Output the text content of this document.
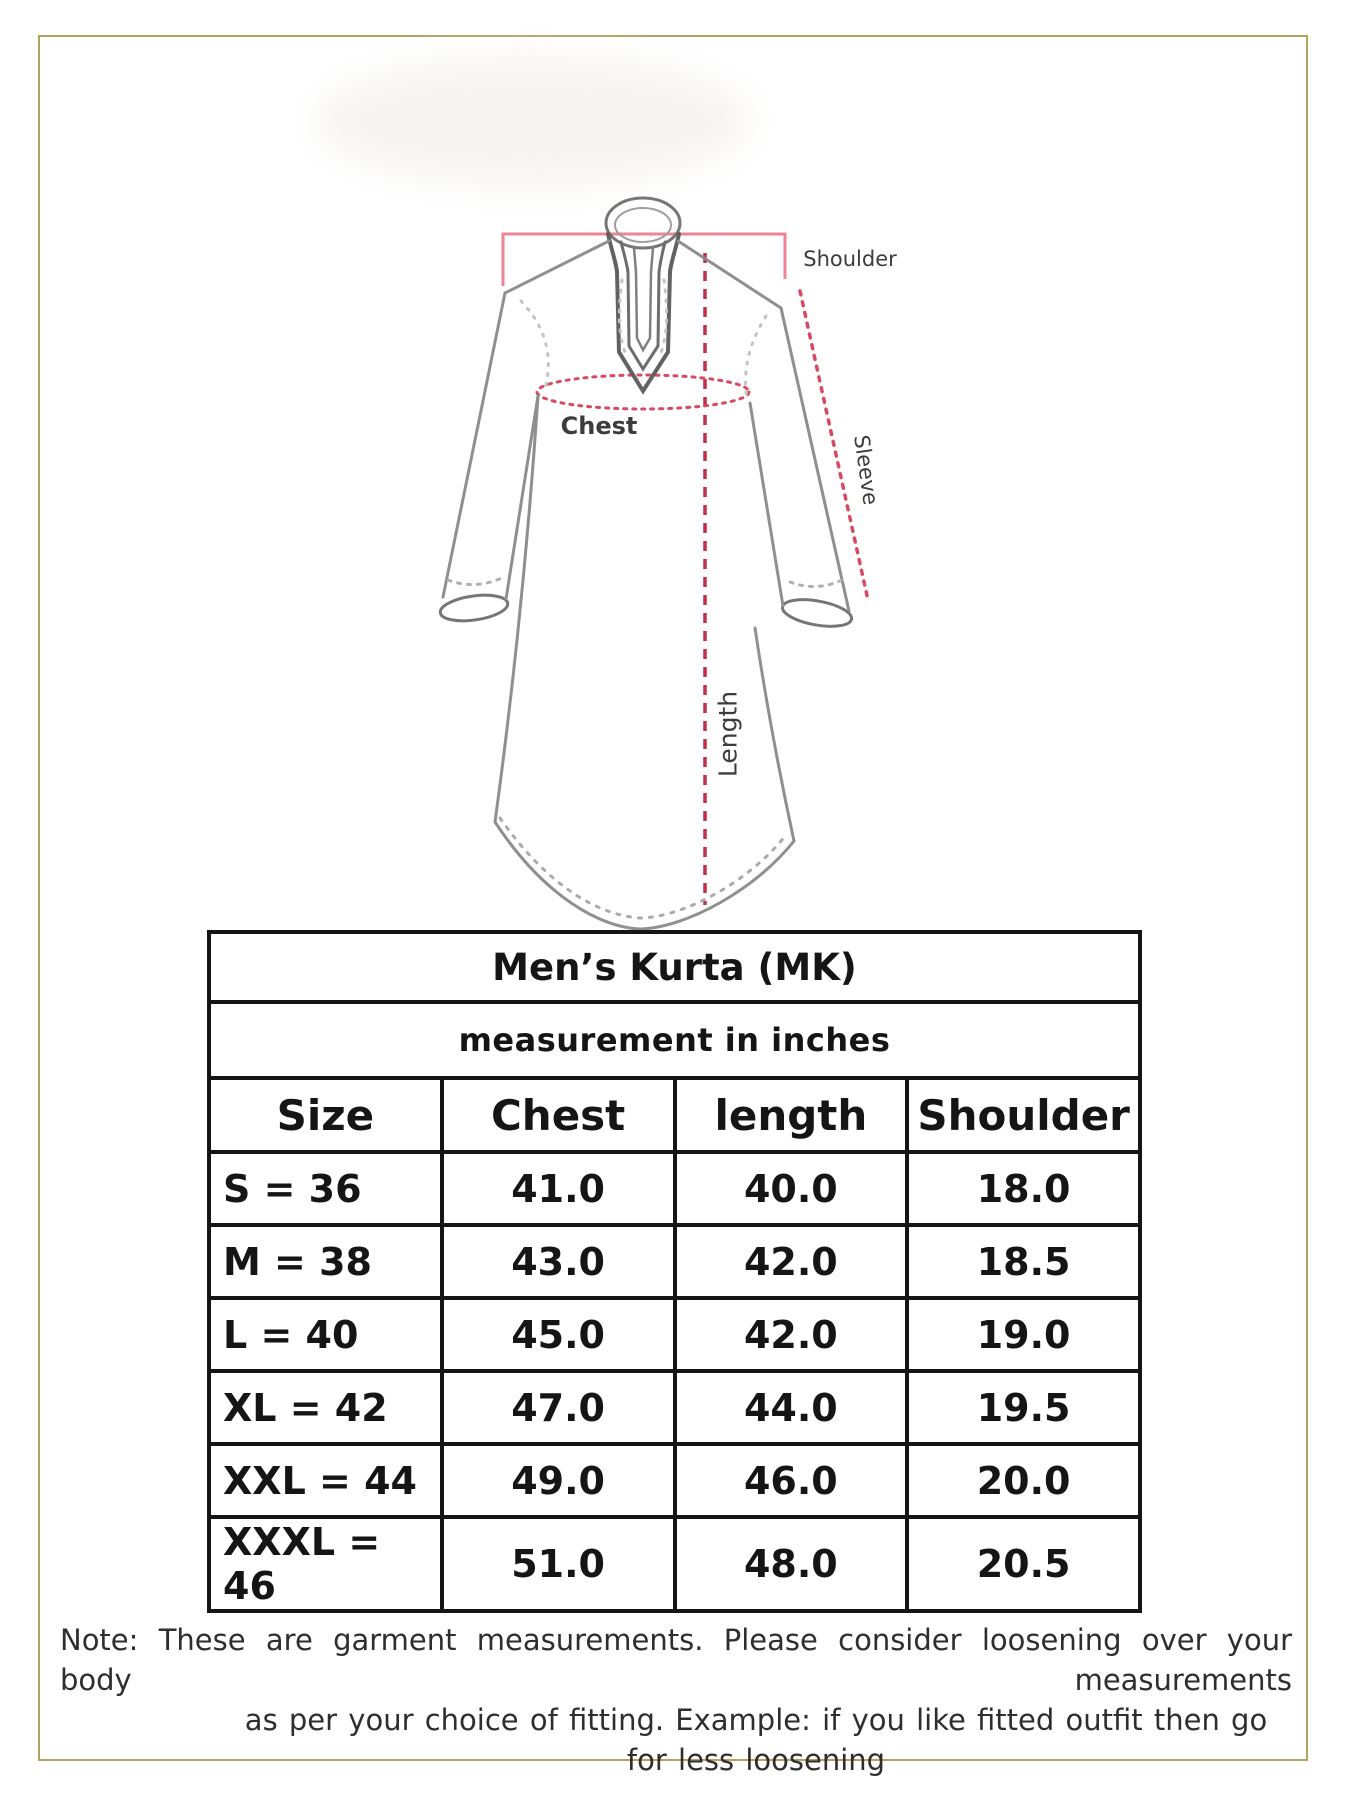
Shoulder
Chest
Sleeve
Length
Men’s Kurta (MK)			
measurement in inches			
Size	Chest	length	Shoulder
S = 36	41.0	40.0	18.0
M = 38	43.0	42.0	18.5
L = 40	45.0	42.0	19.0
XL = 42	47.0	44.0	19.5
XXL = 44	49.0	46.0	20.0
XXXL = 46	51.0	48.0	20.5
Note: These are garment measurements. Please consider loosening over your body measurements
as per your choice of fitting. Example: if you like fitted outfit then go for less loosening
